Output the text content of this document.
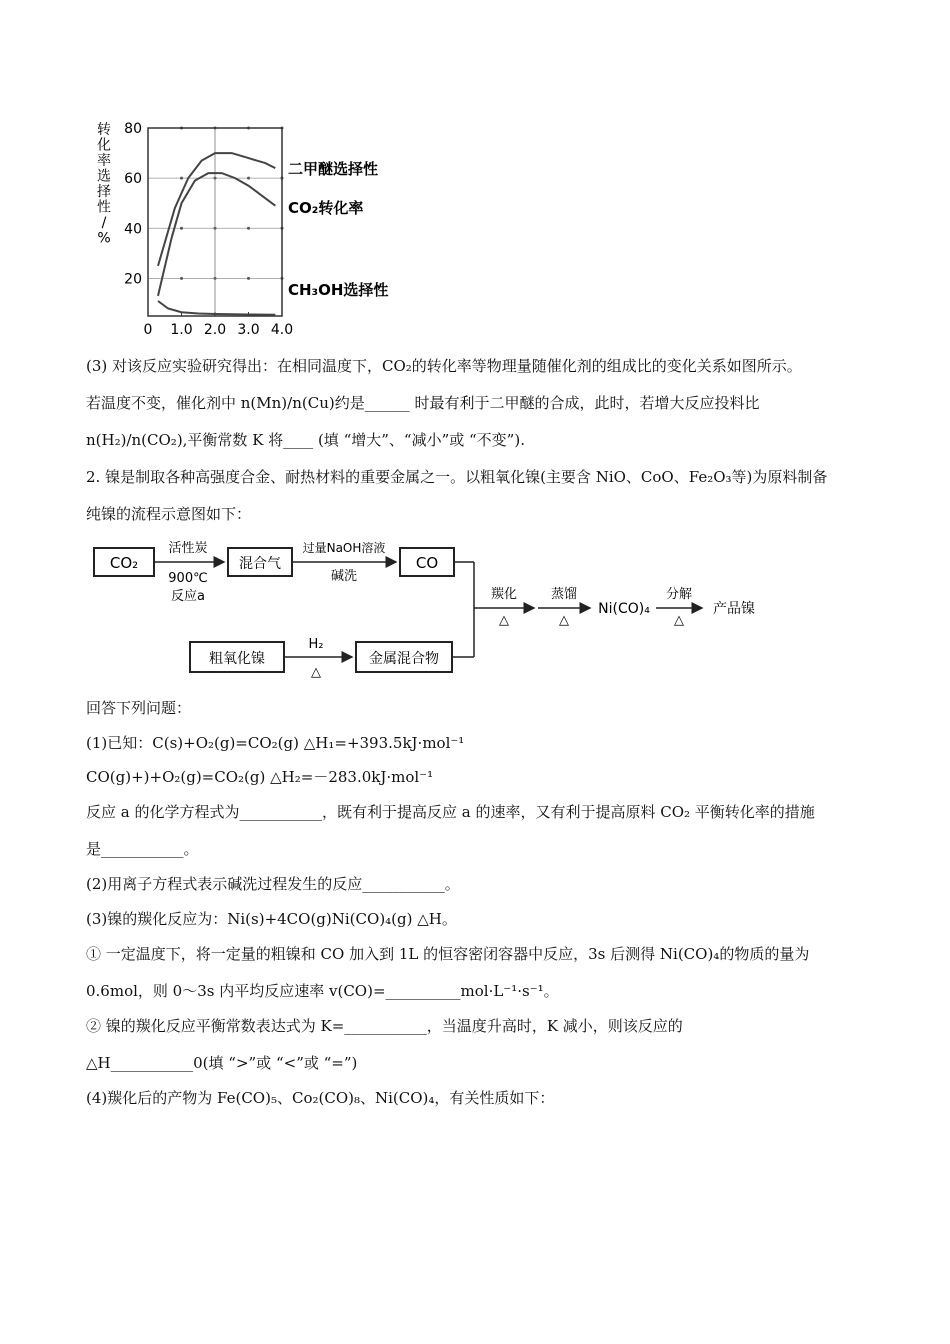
20
40
60
80
0 1.0 2.0 3.0 4.0
转
化
率
选
择
性
/
%
二甲醚选择性
CO₂转化率
CH₃OH选择性
(3) 对该反应实验研究得出：在相同温度下，CO₂的转化率等物理量随催化剂的组成比的变化关系如图所示。
若温度不变，催化剂中 n(Mn)/n(Cu)约是______ 时最有利于二甲醚的合成，此时，若增大反应投料比
n(H₂)/n(CO₂),平衡常数 K 将____ (填 “增大”、“减小”或 “不变”).
2. 镍是制取各种高强度合金、耐热材料的重要金属之一。以粗氧化镍(主要含 NiO、CoO、Fe₂O₃等)为原料制备
纯镍的流程示意图如下：
CO₂
活性炭
900℃
反应a
混合气
过量NaOH溶液
碱洗
CO
粗氧化镍
H₂
△
金属混合物
羰化
△
蒸馏
△
Ni(CO)₄
分解
△
产品镍
回答下列问题：
(1)已知：C(s)+O₂(g)=CO₂(g) △H₁=+393.5kJ·mol⁻¹
CO(g)+)+O₂(g)=CO₂(g) △H₂=－283.0kJ·mol⁻¹
反应 a 的化学方程式为___________，既有利于提高反应 a 的速率，又有利于提高原料 CO₂ 平衡转化率的措施
是___________。
(2)用离子方程式表示碱洗过程发生的反应___________。
(3)镍的羰化反应为：Ni(s)+4CO(g)Ni(CO)₄(g) △H。
① 一定温度下，将一定量的粗镍和 CO 加入到 1L 的恒容密闭容器中反应，3s 后测得 Ni(CO)₄的物质的量为
0.6mol，则 0～3s 内平均反应速率 v(CO)=__________mol·L⁻¹·s⁻¹。
② 镍的羰化反应平衡常数表达式为 K=___________，当温度升高时，K 减小，则该反应的
△H___________0(填 “>”或 “<”或 “=”)
(4)羰化后的产物为 Fe(CO)₅、Co₂(CO)₈、Ni(CO)₄，有关性质如下：
